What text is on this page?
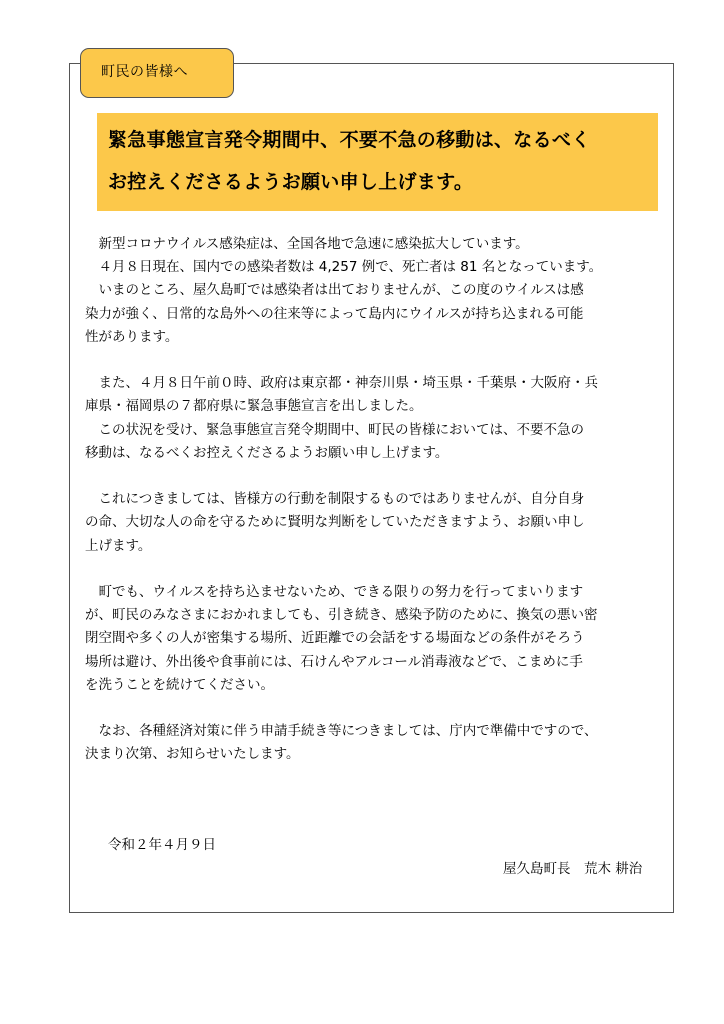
町民の皆様へ

緊急事態宣言発令期間中、不要不急の移動は、なるべく

お控えくださるようお願い申し上げます。

　新型コロナウイルス感染症は、全国各地で急速に感染拡大しています。

　４月８日現在、国内での感染者数は 4,257 例で、死亡者は 81 名となっています。

　いまのところ、屋久島町では感染者は出ておりませんが、この度のウイルスは感

染力が強く、日常的な島外への往来等によって島内にウイルスが持ち込まれる可能

性があります。

　また、４月８日午前０時、政府は東京都・神奈川県・埼玉県・千葉県・大阪府・兵

庫県・福岡県の７都府県に緊急事態宣言を出しました。

　この状況を受け、緊急事態宣言発令期間中、町民の皆様においては、不要不急の

移動は、なるべくお控えくださるようお願い申し上げます。

　これにつきましては、皆様方の行動を制限するものではありませんが、自分自身

の命、大切な人の命を守るために賢明な判断をしていただきますよう、お願い申し

上げます。

　町でも、ウイルスを持ち込ませないため、できる限りの努力を行ってまいります

が、町民のみなさまにおかれましても、引き続き、感染予防のために、換気の悪い密

閉空間や多くの人が密集する場所、近距離での会話をする場面などの条件がそろう

場所は避け、外出後や食事前には、石けんやアルコール消毒液などで、こまめに手

を洗うことを続けてください。

　なお、各種経済対策に伴う申請手続き等につきましては、庁内で準備中ですので、

決まり次第、お知らせいたします。

令和２年４月９日
屋久島町長　荒木 耕治
